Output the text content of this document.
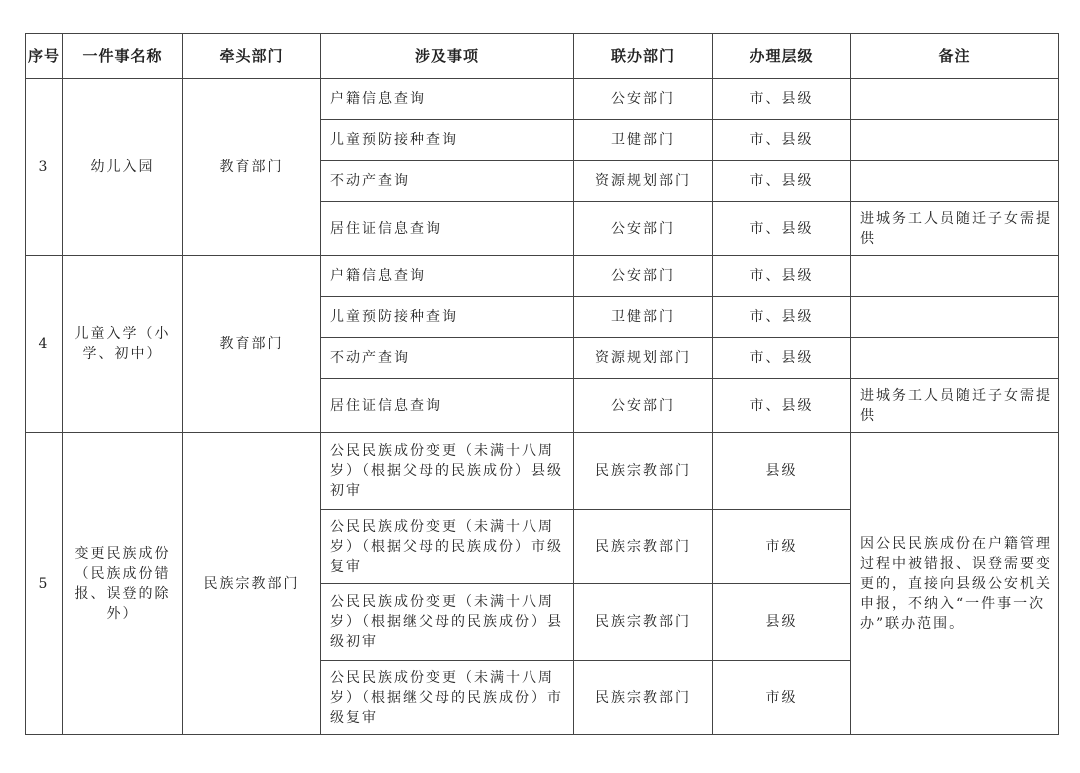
序号	一件事名称	牵头部门	涉及事项	联办部门	办理层级	备注
3	幼儿入园	教育部门	户籍信息查询	公安部门	市、县级	
			儿童预防接种查询	卫健部门	市、县级	
			不动产查询	资源规划部门	市、县级	
			居住证信息查询	公安部门	市、县级	进城务工人员随迁子女需提供
4	儿童入学（小学、初中）	教育部门	户籍信息查询	公安部门	市、县级	
			儿童预防接种查询	卫健部门	市、县级	
			不动产查询	资源规划部门	市、县级	
			居住证信息查询	公安部门	市、县级	进城务工人员随迁子女需提供
5	变更民族成份（民族成份错报、误登的除外）	民族宗教部门	公民民族成份变更（未满十八周岁）（根据父母的民族成份）县级初审	民族宗教部门	县级	因公民民族成份在户籍管理过程中被错报、误登需要变更的，直接向县级公安机关申报，不纳入“一件事一次办”联办范围。
			公民民族成份变更（未满十八周岁）（根据父母的民族成份）市级复审	民族宗教部门	市级	
			公民民族成份变更（未满十八周岁）（根据继父母的民族成份）县级初审	民族宗教部门	县级	
			公民民族成份变更（未满十八周岁）（根据继父母的民族成份）市级复审	民族宗教部门	市级	
